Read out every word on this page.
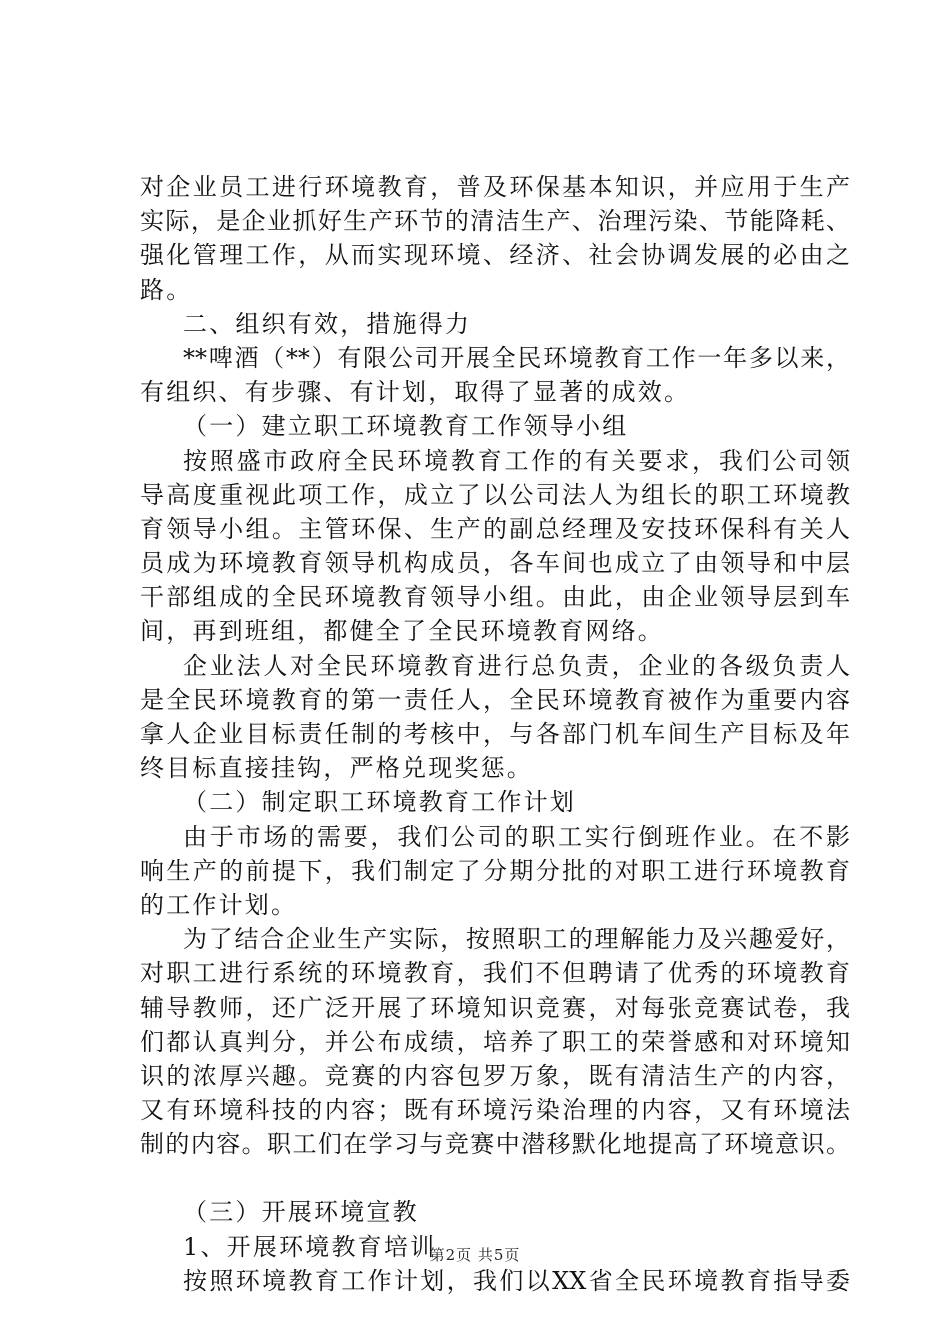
对企业员工进行环境教育，普及环保基本知识，并应用于生产
实际，是企业抓好生产环节的清洁生产、治理污染、节能降耗、
强化管理工作，从而实现环境、经济、社会协调发展的必由之
路。
二、组织有效，措施得力
**啤酒（**）有限公司开展全民环境教育工作一年多以来，
有组织、有步骤、有计划，取得了显著的成效。
（一）建立职工环境教育工作领导小组
按照盛市政府全民环境教育工作的有关要求，我们公司领
导高度重视此项工作，成立了以公司法人为组长的职工环境教
育领导小组。主管环保、生产的副总经理及安技环保科有关人
员成为环境教育领导机构成员，各车间也成立了由领导和中层
干部组成的全民环境教育领导小组。由此，由企业领导层到车
间，再到班组，都健全了全民环境教育网络。
企业法人对全民环境教育进行总负责，企业的各级负责人
是全民环境教育的第一责任人，全民环境教育被作为重要内容
拿人企业目标责任制的考核中，与各部门机车间生产目标及年
终目标直接挂钩，严格兑现奖惩。
（二）制定职工环境教育工作计划
由于市场的需要，我们公司的职工实行倒班作业。在不影
响生产的前提下，我们制定了分期分批的对职工进行环境教育
的工作计划。
为了结合企业生产实际，按照职工的理解能力及兴趣爱好，
对职工进行系统的环境教育，我们不但聘请了优秀的环境教育
辅导教师，还广泛开展了环境知识竞赛，对每张竞赛试卷，我
们都认真判分，并公布成绩，培养了职工的荣誉感和对环境知
识的浓厚兴趣。竞赛的内容包罗万象，既有清洁生产的内容，
又有环境科技的内容；既有环境污染治理的内容，又有环境法
制的内容。职工们在学习与竞赛中潜移默化地提高了环境意识。
（三）开展环境宣教
1、开展环境教育培训
按照环境教育工作计划，我们以XX省全民环境教育指导委
第2页 共5页
